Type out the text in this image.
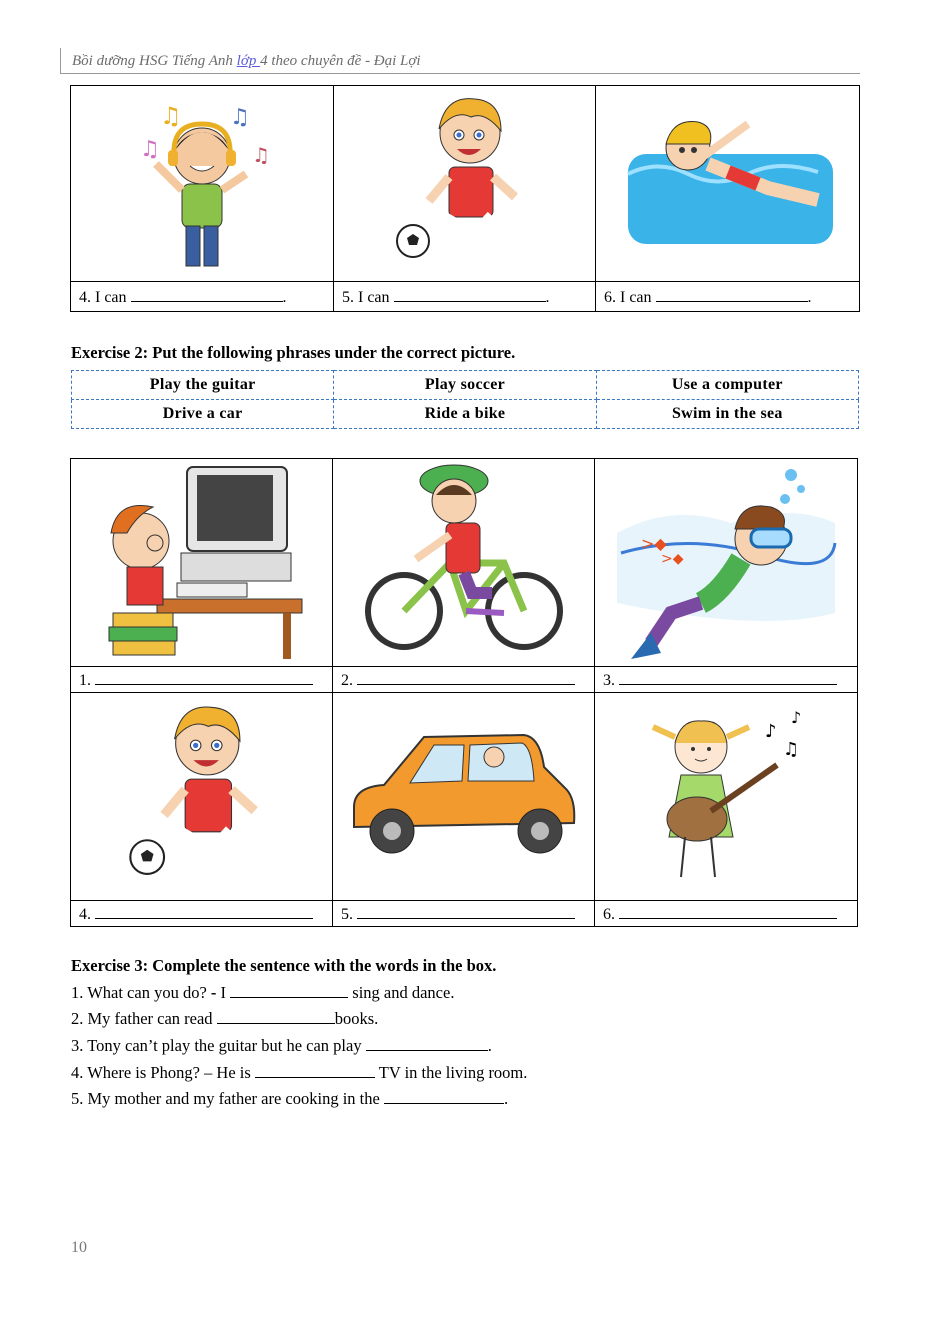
Bồi dưỡng HSG Tiếng Anh lớp 4 theo chuyên đề - Đại Lợi
♫
♫ ♫
♫

4. I can .	5. I can .	6. I can .
Exercise 2: Put the following phrases under the correct picture.
Play the guitar	Play soccer	Use a computer
Drive a car	Ride a bike	Swim in the sea

>◆
>◆

1.	2.	3.

♪
♫
♪

4.	5.	6.
Exercise 3: Complete the sentence with the words in the box.
1. What can you do? - I	sing and dance.
2. My father can read	books.
3. Tony can’t play the guitar but he can play	.
4. Where is Phong? – He is	TV in the living room.
5. My mother and my father are cooking in the	.
10
